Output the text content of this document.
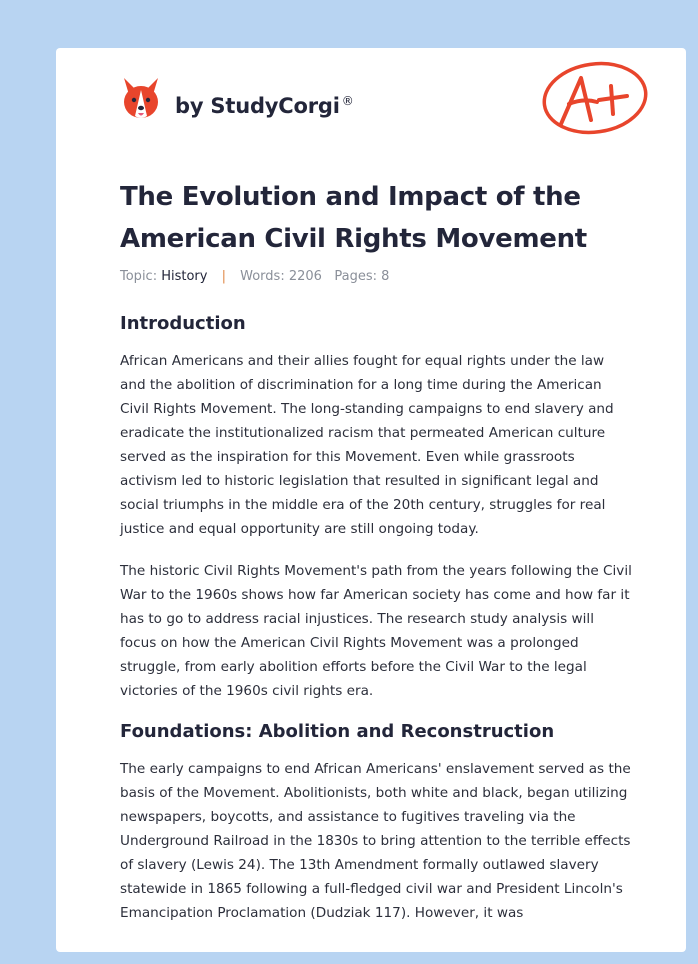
by StudyCorgi ®
The Evolution and Impact of the American Civil Rights Movement
Topic: History | Words: 2206 Pages: 8
Introduction

African Americans and their allies fought for equal rights under the law and the abolition of discrimination for a long time during the American Civil Rights Movement. The long-standing campaigns to end slavery and eradicate the institutionalized racism that permeated American culture served as the inspiration for this Movement. Even while grassroots activism led to historic legislation that resulted in significant legal and social triumphs in the middle era of the 20th century, struggles for real justice and equal opportunity are still ongoing today.

The historic Civil Rights Movement's path from the years following the Civil War to the 1960s shows how far American society has come and how far it has to go to address racial injustices. The research study analysis will focus on how the American Civil Rights Movement was a prolonged struggle, from early abolition efforts before the Civil War to the legal victories of the 1960s civil rights era.

Foundations: Abolition and Reconstruction

The early campaigns to end African Americans' enslavement served as the basis of the Movement. Abolitionists, both white and black, began utilizing newspapers, boycotts, and assistance to fugitives traveling via the Underground Railroad in the 1830s to bring attention to the terrible effects of slavery (Lewis 24). The 13th Amendment formally outlawed slavery statewide in 1865 following a full-fledged civil war and President Lincoln's Emancipation Proclamation (Dudziak 117). However, it was
